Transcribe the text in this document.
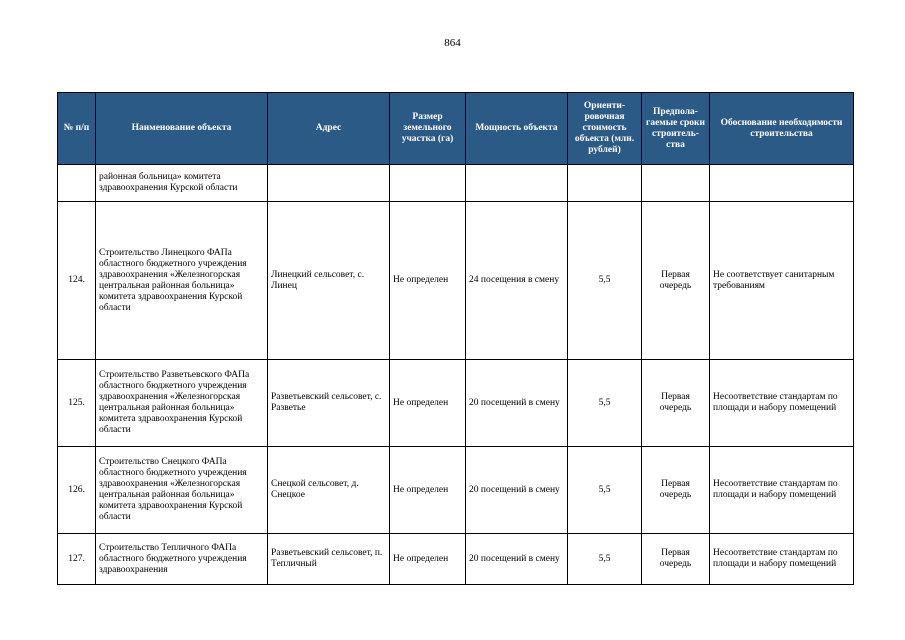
864
№ п/п	Наименование объекта	Адрес	Размер земельного участка (га)	Мощность объекта	Ориенти-ровочная стоимость объекта (млн. рублей)	Предпола-гаемые сроки строитель-ства	Обоснование необходимости строительства
	районная больница» комитета здравоохранения Курской области						
124.	Строительство Линецкого ФАПа областного бюджетного учреждения здравоохранения «Железногорская центральная районная больница» комитета здравоохранения Курской области	Линецкий сельсовет, с. Линец	Не определен	24 посещения в смену	5,5	Первая очередь	Не соответствует санитарным требованиям
125.	Строительство Разветьевского ФАПа областного бюджетного учреждения здравоохранения «Железногорская центральная районная больница» комитета здравоохранения Курской области	Разветьевский сельсовет, с. Разветье	Не определен	20 посещений в смену	5,5	Первая очередь	Несоответствие стандартам по площади и набору помещений
126.	Строительство Снецкого ФАПа областного бюджетного учреждения здравоохранения «Железногорская центральная районная больница» комитета здравоохранения Курской области	Снецкой сельсовет, д. Снецкое	Не определен	20 посещений в смену	5,5	Первая очередь	Несоответствие стандартам по площади и набору помещений
127.	Строительство Тепличного ФАПа областного бюджетного учреждения здравоохранения	Разветьевский сельсовет, п. Тепличный	Не определен	20 посещений в смену	5,5	Первая очередь	Несоответствие стандартам по площади и набору помещений
